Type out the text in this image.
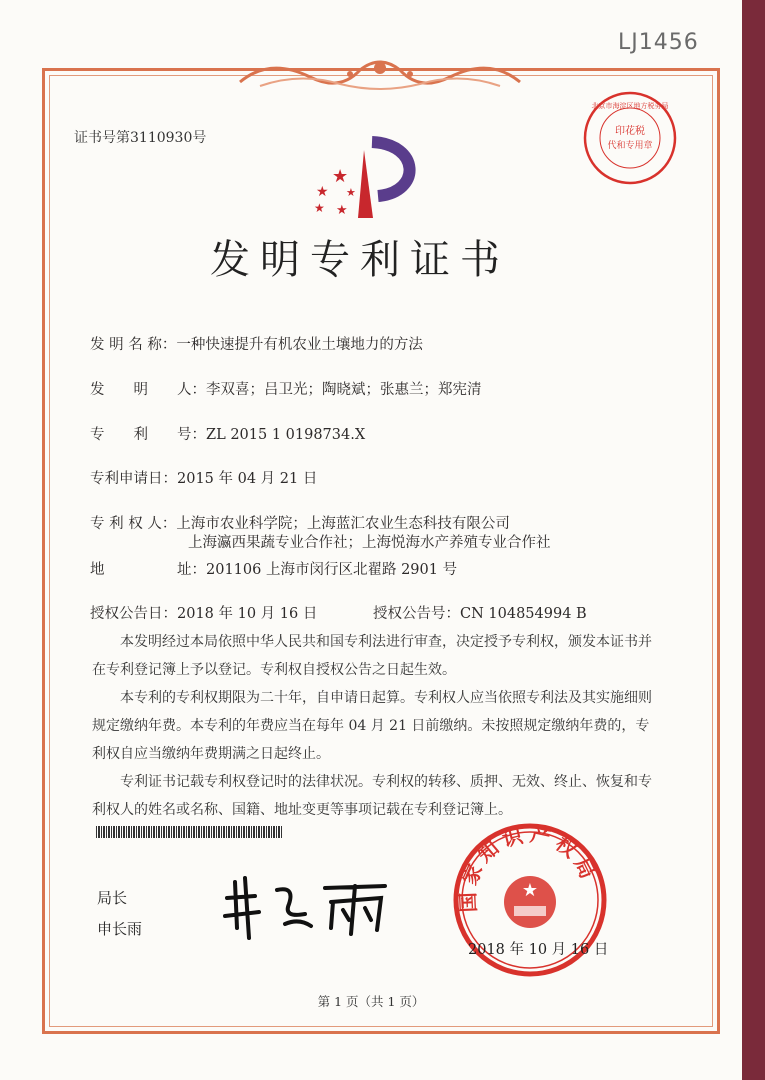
LJ1456
证书号第3110930号	印花税
代和专用章
北京市海淀区地方税务局
★
★
★ ★
★
发明专利证书
发 明 名 称：一种快速提升有机农业土壤地力的方法
发　　明　　人：李双喜；吕卫光；陶晓斌；张惠兰；郑宪清
专　　利　　号：ZL 2015 1 0198734.X
专利申请日：2015 年 04 月 21 日
专 利 权 人：上海市农业科学院；上海蓝汇农业生态科技有限公司
上海瀛西果蔬专业合作社；上海悦海水产养殖专业合作社
地　　　　　址：201106 上海市闵行区北翟路 2901 号
授权公告日：2018 年 10 月 16 日	授权公告号：CN 104854994 B

本发明经过本局依照中华人民共和国专利法进行审查，决定授予专利权，颁发本证书并在专利登记簿上予以登记。专利权自授权公告之日起生效。

本专利的专利权期限为二十年，自申请日起算。专利权人应当依照专利法及其实施细则规定缴纳年费。本专利的年费应当在每年 04 月 21 日前缴纳。未按照规定缴纳年费的，专利权自应当缴纳年费期满之日起终止。

专利证书记载专利权登记时的法律状况。专利权的转移、质押、无效、终止、恢复和专利权人的姓名或名称、国籍、地址变更等事项记载在专利登记簿上。

局长
申长雨
国家知识产权局
★
2018 年 10 月 16 日
第 1 页（共 1 页）
